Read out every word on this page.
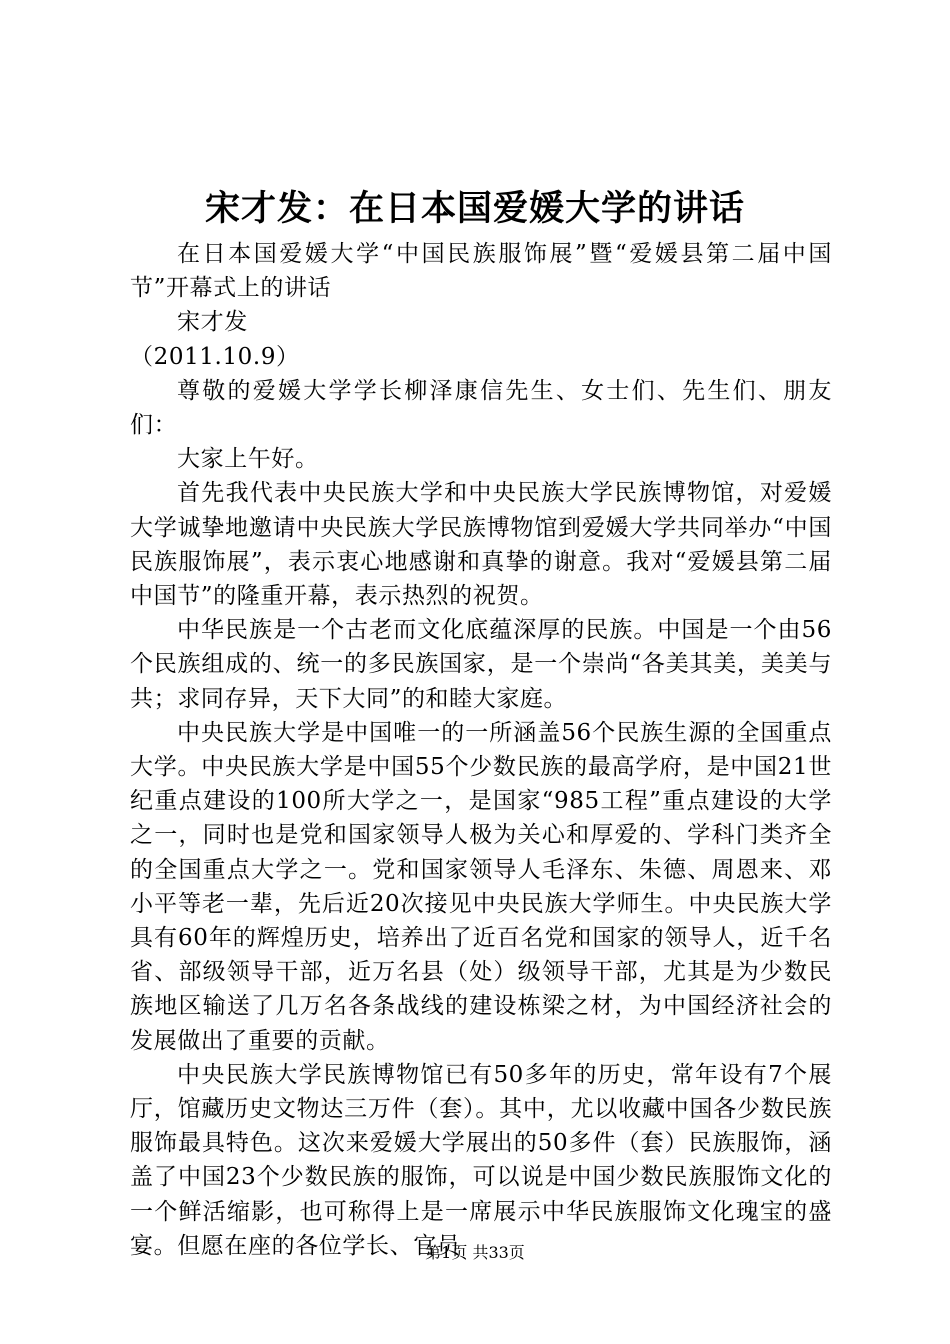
宋才发：在日本国爱媛大学的讲话

在日本国爱媛大学“中国民族服饰展”暨“爱媛县第二届中国节”开幕式上的讲话

宋才发

（2011.10.9）

尊敬的爱媛大学学长柳泽康信先生、女士们、先生们、朋友们：

大家上午好。

首先我代表中央民族大学和中央民族大学民族博物馆，对爱媛大学诚挚地邀请中央民族大学民族博物馆到爱媛大学共同举办“中国民族服饰展”，表示衷心地感谢和真挚的谢意。我对“爱媛县第二届中国节”的隆重开幕，表示热烈的祝贺。

中华民族是一个古老而文化底蕴深厚的民族。中国是一个由56个民族组成的、统一的多民族国家，是一个崇尚“各美其美，美美与共；求同存异，天下大同”的和睦大家庭。

中央民族大学是中国唯一的一所涵盖56个民族生源的全国重点大学。中央民族大学是中国55个少数民族的最高学府，是中国21世纪重点建设的100所大学之一，是国家“985工程”重点建设的大学之一，同时也是党和国家领导人极为关心和厚爱的、学科门类齐全的全国重点大学之一。党和国家领导人毛泽东、朱德、周恩来、邓小平等老一辈，先后近20次接见中央民族大学师生。中央民族大学具有60年的辉煌历史，培养出了近百名党和国家的领导人，近千名省、部级领导干部，近万名县（处）级领导干部，尤其是为少数民族地区输送了几万名各条战线的建设栋梁之材，为中国经济社会的发展做出了重要的贡献。

中央民族大学民族博物馆已有50多年的历史，常年设有7个展厅，馆藏历史文物达三万件（套）。其中，尤以收藏中国各少数民族服饰最具特色。这次来爱媛大学展出的50多件（套）民族服饰，涵盖了中国23个少数民族的服饰，可以说是中国少数民族服饰文化的一个鲜活缩影，也可称得上是一席展示中华民族服饰文化瑰宝的盛宴。但愿在座的各位学长、官员

第1页 共33页
